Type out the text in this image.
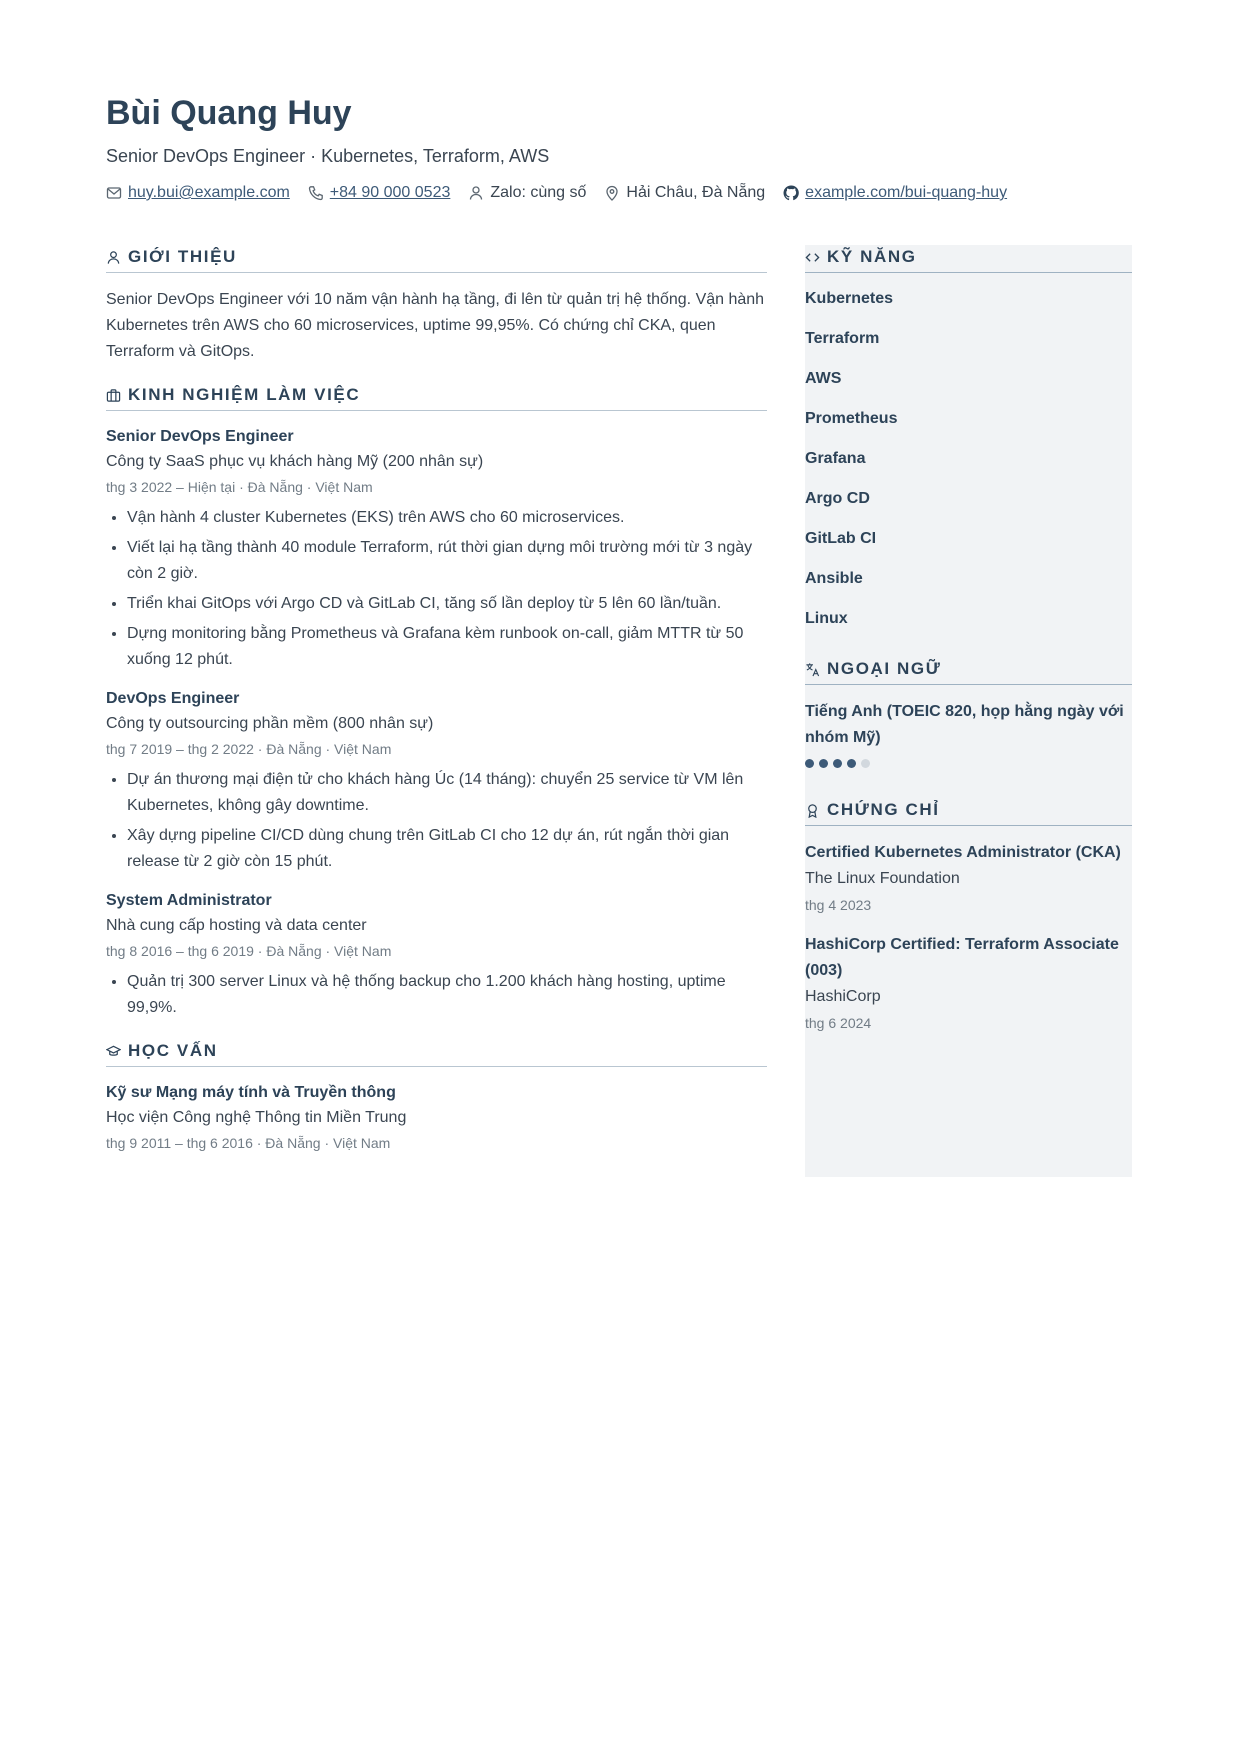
Bùi Quang Huy
Senior DevOps Engineer · Kubernetes, Terraform, AWS
huy.bui@example.com	+84 90 000 0523	Zalo: cùng số	Hải Châu, Đà Nẵng	example.com/bui-quang-huy
GIỚI THIỆU

Senior DevOps Engineer với 10 năm vận hành hạ tầng, đi lên từ quản trị hệ thống. Vận hành Kubernetes trên AWS cho 60 microservices, uptime 99,95%. Có chứng chỉ CKA, quen Terraform và GitOps.

KINH NGHIỆM LÀM VIỆC
Senior DevOps Engineer
Công ty SaaS phục vụ khách hàng Mỹ (200 nhân sự)
thg 3 2022 – Hiện tại · Đà Nẵng · Việt Nam
• Vận hành 4 cluster Kubernetes (EKS) trên AWS cho 60 microservices.
• Viết lại hạ tầng thành 40 module Terraform, rút thời gian dựng môi trường mới từ 3 ngày còn 2 giờ.
• Triển khai GitOps với Argo CD và GitLab CI, tăng số lần deploy từ 5 lên 60 lần/tuần.
• Dựng monitoring bằng Prometheus và Grafana kèm runbook on-call, giảm MTTR từ 50 xuống 12 phút.
DevOps Engineer
Công ty outsourcing phần mềm (800 nhân sự)
thg 7 2019 – thg 2 2022 · Đà Nẵng · Việt Nam
• Dự án thương mại điện tử cho khách hàng Úc (14 tháng): chuyển 25 service từ VM lên Kubernetes, không gây downtime.
• Xây dựng pipeline CI/CD dùng chung trên GitLab CI cho 12 dự án, rút ngắn thời gian release từ 2 giờ còn 15 phút.
System Administrator
Nhà cung cấp hosting và data center
thg 8 2016 – thg 6 2019 · Đà Nẵng · Việt Nam
• Quản trị 300 server Linux và hệ thống backup cho 1.200 khách hàng hosting, uptime 99,9%.
HỌC VẤN
Kỹ sư Mạng máy tính và Truyền thông
Học viện Công nghệ Thông tin Miền Trung
thg 9 2011 – thg 6 2016 · Đà Nẵng · Việt Nam
KỸ NĂNG
Kubernetes
Terraform
AWS
Prometheus
Grafana
Argo CD
GitLab CI
Ansible
Linux
NGOẠI NGỮ
Tiếng Anh (TOEIC 820, họp hằng ngày với nhóm Mỹ)
CHỨNG CHỈ
Certified Kubernetes Administrator (CKA)
The Linux Foundation
thg 4 2023
HashiCorp Certified: Terraform Associate (003)
HashiCorp
thg 6 2024
